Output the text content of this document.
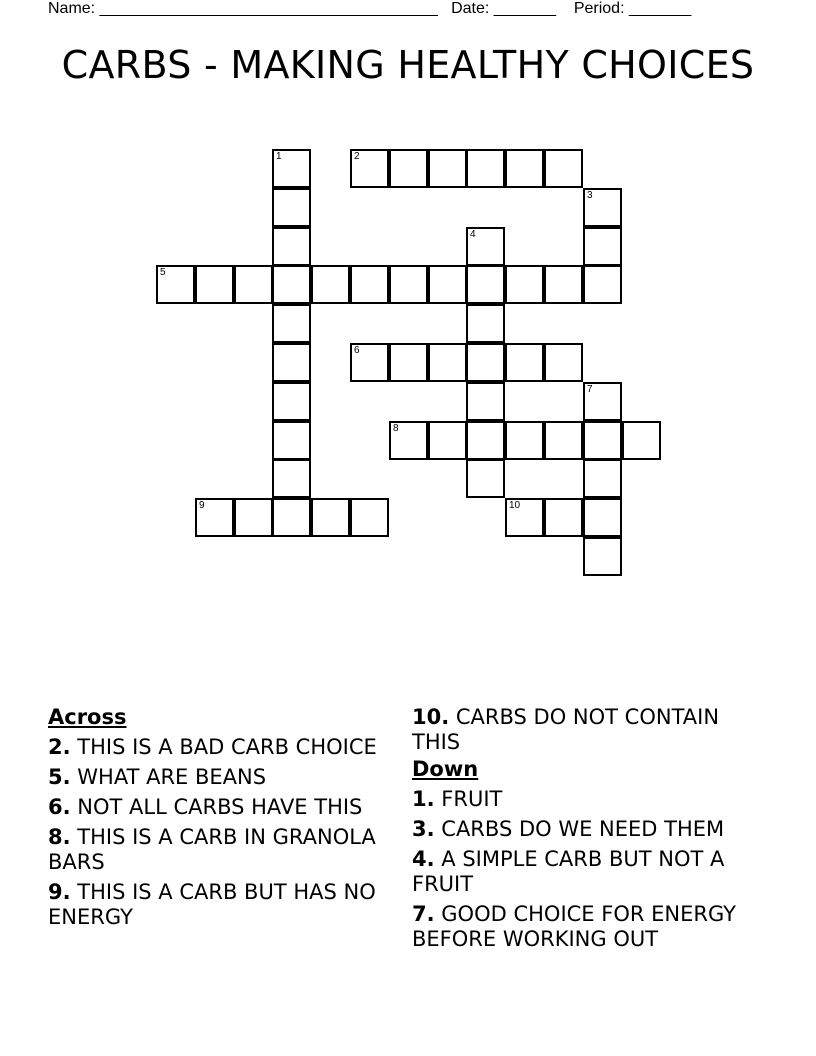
Name: ______________________________________ Date: _______ Period: _______
CARBS - MAKING HEALTHY CHOICES
1	2
3
4
5
6
7
8
9	10
Across
2. THIS IS A BAD CARB CHOICE
5. WHAT ARE BEANS
6. NOT ALL CARBS HAVE THIS
8. THIS IS A CARB IN GRANOLA BARS
9. THIS IS A CARB BUT HAS NO ENERGY
10. CARBS DO NOT CONTAIN THIS
Down
1. FRUIT
3. CARBS DO WE NEED THEM
4. A SIMPLE CARB BUT NOT A FRUIT
7. GOOD CHOICE FOR ENERGY BEFORE WORKING OUT
